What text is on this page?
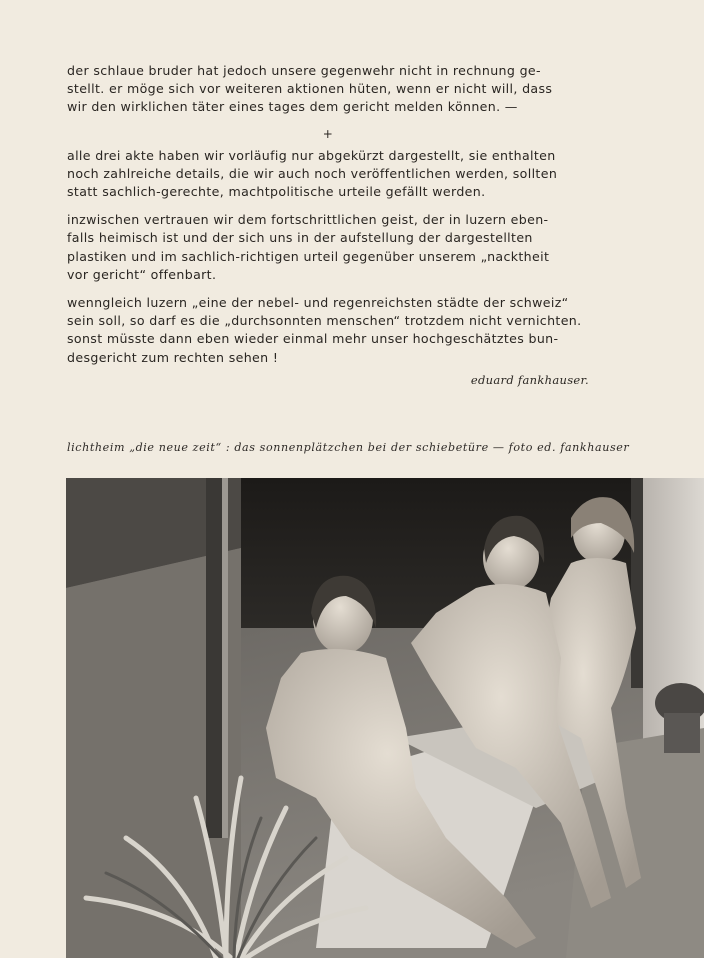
der schlaue bruder hat jedoch unsere gegenwehr nicht in rechnung ge-
stellt. er möge sich vor weiteren aktionen hüten, wenn er nicht will, dass
wir den wirklichen täter eines tages dem gericht melden können. —

+

alle drei akte haben wir vorläufig nur abgekürzt dargestellt, sie enthalten
noch zahlreiche details, die wir auch noch veröffentlichen werden, sollten
statt sachlich-gerechte, machtpolitische urteile gefällt werden.

inzwischen vertrauen wir dem fortschrittlichen geist, der in luzern eben-
falls heimisch ist und der sich uns in der aufstellung der dargestellten
plastiken und im sachlich-richtigen urteil gegenüber unserem „nacktheit
vor gericht“ offenbart.

wenngleich luzern „eine der nebel- und regenreichsten städte der schweiz“
sein soll, so darf es die „durchsonnten menschen“ trotzdem nicht vernichten.
sonst müsste dann eben wieder einmal mehr unser hochgeschätztes bun-
desgericht zum rechten sehen !

eduard fankhauser.
lichtheim „die neue zeit“ : das sonnenplätzchen bei der schiebetüre — foto ed. fankhauser
